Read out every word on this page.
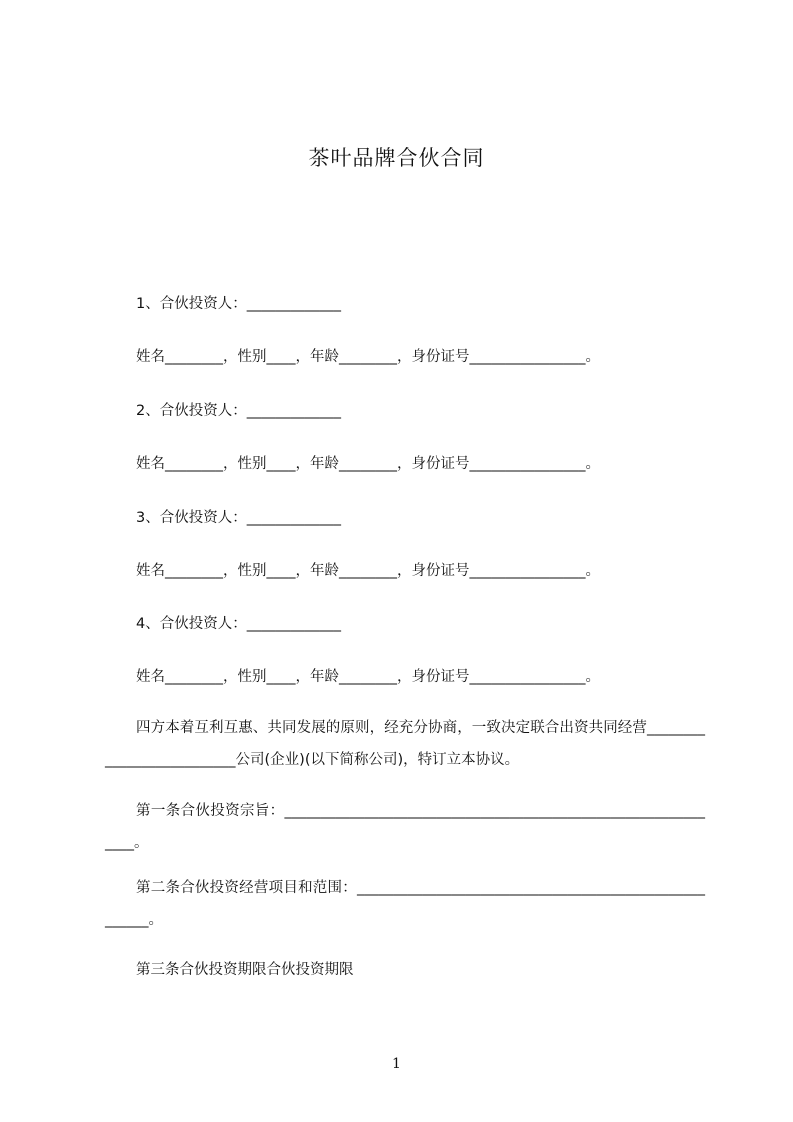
茶叶品牌合伙合同
1、合伙投资人：_____________
姓名________，性别____，年龄________，身份证号________________。
2、合伙投资人：_____________
姓名________，性别____，年龄________，身份证号________________。
3、合伙投资人：_____________
姓名________，性别____，年龄________，身份证号________________。
4、合伙投资人：_____________
姓名________，性别____，年龄________，身份证号________________。
四方本着互利互惠、共同发展的原则，经充分协商，一致决定联合出资共同经营__________________________公司(企业)(以下简称公司)，特订立本协议。
第一条合伙投资宗旨：______________________________________________________________。
第二条合伙投资经营项目和范围：______________________________________________________。
第三条合伙投资期限合伙投资期限
1
